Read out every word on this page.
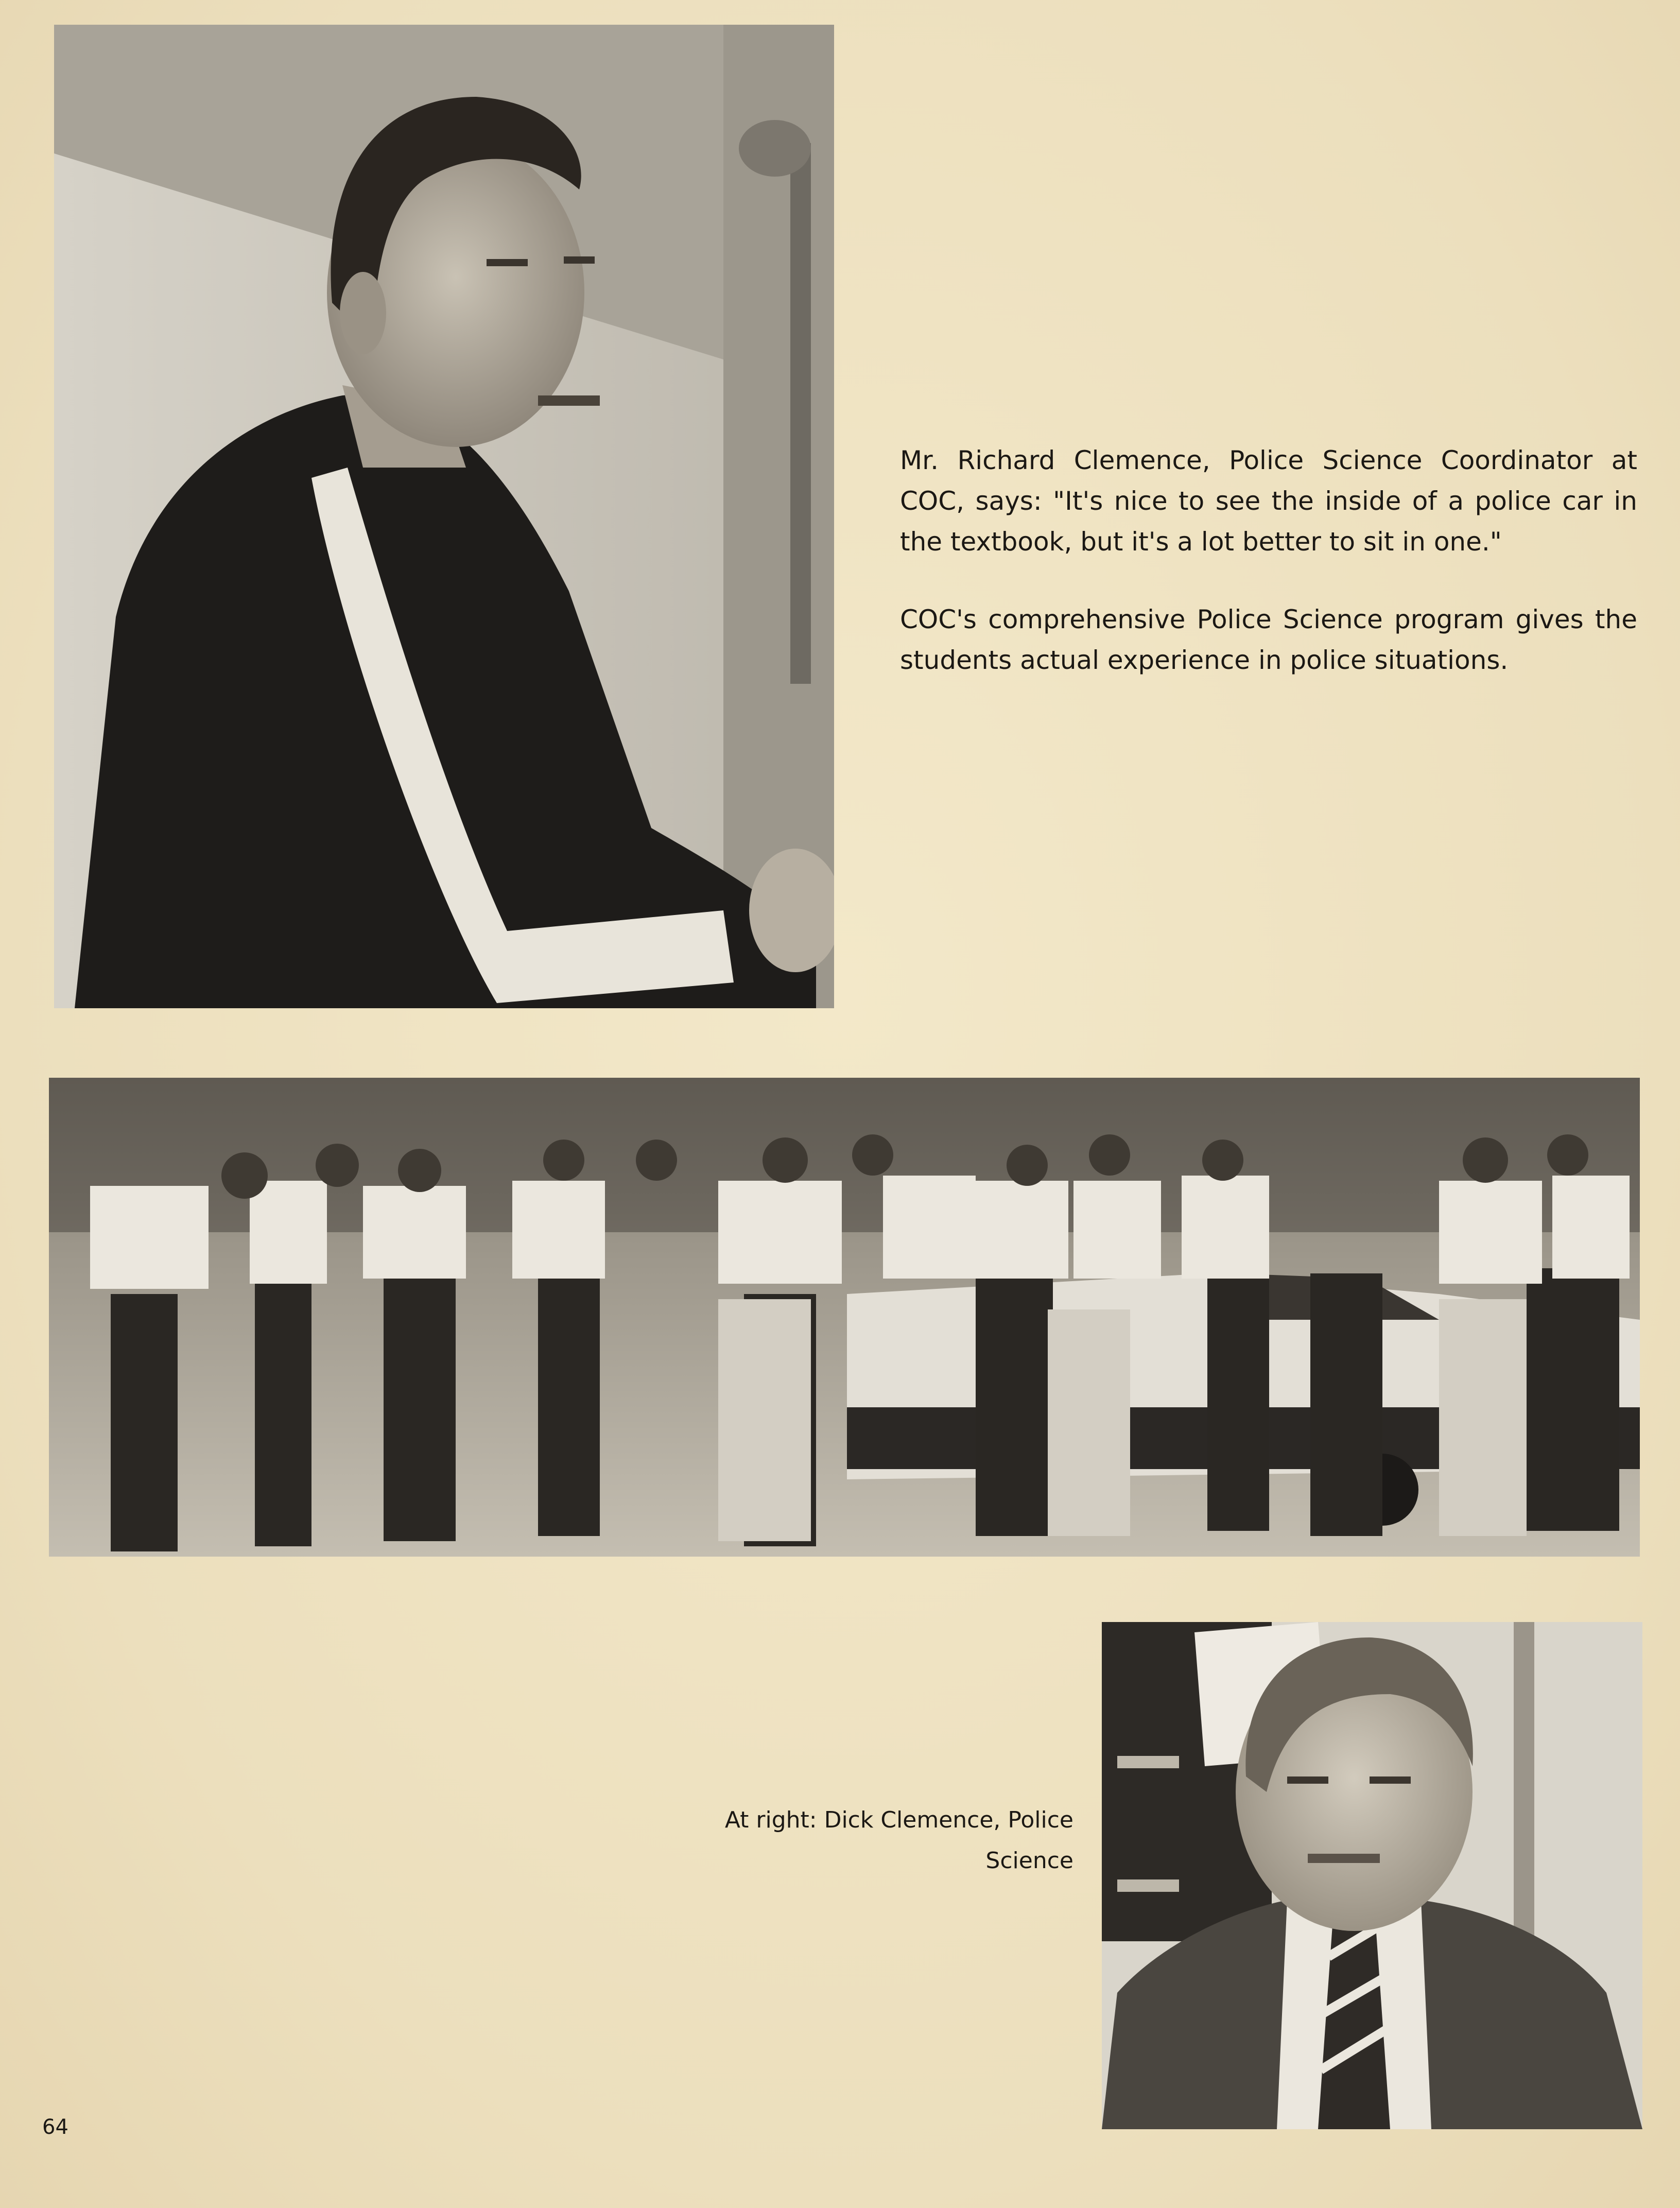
Mr. Richard Clemence, Police Science Coordinator at COC, says: "It's nice to see the inside of a police car in the textbook, but it's a lot better to sit in one."

COC's comprehensive Police Science program gives the students actual experience in police situations.

At right: Dick Clemence, Police Science
64
